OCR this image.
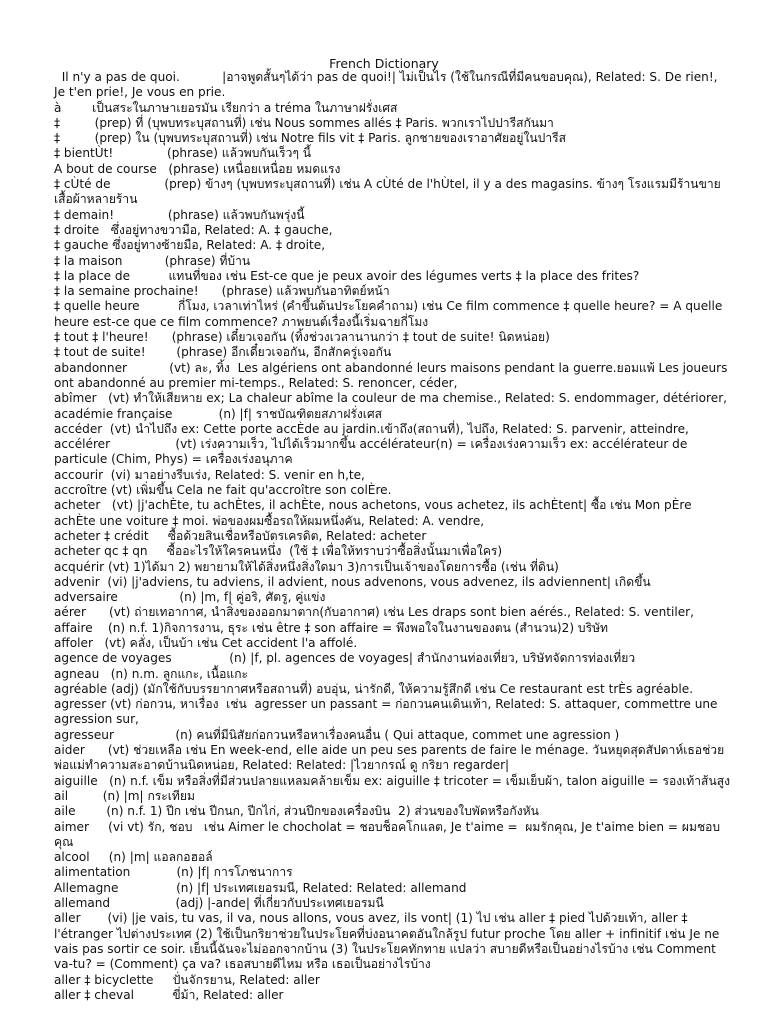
French Dictionary
Il n'y a pas de quoi.           |อาจพูดสั้นๆได้ว่า pas de quoi!| ไม่เป็นไร (ใช้ในกรณีที่มีคนขอบคุณ), Related: S. De rien!, Je t'en prie!, Je vous en prie.
à        เป็นสระในภาษาเยอรมัน เรียกว่า a tréma ในภาษาฝรั่งเศส
‡         (prep) ที่ (บุพบทระบุสถานที่) เช่น Nous sommes allés ‡ Paris. พวกเราไปปารีสกันมา
‡         (prep) ใน (บุพบทระบุสถานที่) เช่น Notre fils vit ‡ Paris. ลูกชายของเราอาศัยอยู่ในปารีส
‡ bientÙt!              (phrase) แล้วพบกันเร็วๆ นี้
A bout de course   (phrase) เหนื่อยเหนื่อย หมดแรง
‡ cÙté de              (prep) ข้างๆ (บุพบทระบุสถานที่) เช่น A cÙté de l'hÙtel, il y a des magasins. ข้างๆ โรงแรมมีร้านขายเสื้อผ้าหลายร้าน
‡ demain!              (phrase) แล้วพบกันพรุ่งนี้
‡ droite   ซึ่งอยู่ทางขวามือ, Related: A. ‡ gauche,
‡ gauche ซึ่งอยู่ทางซ้ายมือ, Related: A. ‡ droite,
‡ la maison           (phrase) ที่บ้าน
‡ la place de          แทนที่ของ เช่น Est-ce que je peux avoir des légumes verts ‡ la place des frites?
‡ la semaine prochaine!      (phrase) แล้วพบกันอาทิตย์หน้า
‡ quelle heure          กี่โมง, เวลาเท่าไหร่ (คำขึ้นต้นประโยคคำถาม) เช่น Ce film commence ‡ quelle heure? = A quelle heure est-ce que ce film commence? ภาพยนต์เรื่องนี้เริ่มฉายกี่โมง
‡ tout ‡ l'heure!      (phrase) เดี๋ยวเจอกัน (ทิ้งช่วงเวลานานกว่า ‡ tout de suite! นิดหน่อย)
‡ tout de suite!        (phrase) อีกเดี๋ยวเจอกัน, อีกสักครู่เจอกัน
abandonner           (vt) ละ, ทิ้ง  Les algériens ont abandonné leurs maisons pendant la guerre.ยอมแพ้ Les joueurs ont abandonné au premier mi-temps., Related: S. renoncer, céder,
abîmer   (vt) ทำให้เสียหาย ex; La chaleur abîme la couleur de ma chemise., Related: S. endommager, détériorer,
académie française            (n) |f| ราชบัณฑิตยสภาฝรั่งเศส
accéder  (vt) นำไปถึง ex: Cette porte accÈde au jardin.เข้าถึง(สถานที่), ไปถึง, Related: S. parvenir, atteindre,
accélérer                 (vt) เร่งความเร็ว, ไปได้เร็วมากขึ้น accélérateur(n) = เครื่องเร่งความเร็ว ex: accélérateur de particule (Chim, Phys) = เครื่องเร่งอนุภาค
accourir  (vi) มาอย่างรีบเร่ง, Related: S. venir en h‚te,
accroître (vt) เพิ่มขึ้น Cela ne fait qu'accroître son colÈre.
acheter   (vt) |j'achÈte, tu achÈtes, il achÈte, nous achetons, vous achetez, ils achÈtent| ซื้อ เช่น Mon pÈre achÈte une voiture ‡ moi. พ่อของผมซื้อรถให้ผมหนึ่งคัน, Related: A. vendre,
acheter ‡ crédit     ซื้อด้วยสินเชื่อหรือบัตรเครดิต, Related: acheter
acheter qc ‡ qn     ซื้ออะไรให้ใครคนหนึ่ง  (ใช้ ‡ เพื่อให้ทราบว่าซื้อสิ่งนั้นมาเพื่อใคร)
acquérir (vt) 1)ได้มา 2) พยายามให้ได้สิ่งหนึ่งสิ่งใดมา 3)การเป็นเจ้าของโดยการซื้อ (เช่น ที่ดิน)
advenir  (vi) |j'adviens, tu adviens, il advient, nous advenons, vous advenez, ils adviennent| เกิดขึ้น
adversaire                (n) |m, f| คู่อริ, ศัตรู, คู่แข่ง
aérer      (vt) ถ่ายเทอากาศ, นำสิ่งของออกมาตาก(กับอากาศ) เช่น Les draps sont bien aérés., Related: S. ventiler,
affaire    (n) n.f. 1)กิจการงาน, ธุระ เช่น être ‡ son affaire = พึงพอใจในงานของตน (สำนวน)2) บริษัท
affoler   (vt) คลั่ง, เป็นบ้า เช่น Cet accident l'a affolé.
agence de voyages               (n) |f, pl. agences de voyages| สำนักงานท่องเที่ยว, บริษัทจัดการท่องเที่ยว
agneau   (n) n.m. ลูกแกะ, เนื้อแกะ
agréable (adj) (มักใช้กับบรรยากาศหรือสถานที่) อบอุ่น, น่ารักดี, ให้ความรู้สึกดี เช่น Ce restaurant est trÈs agréable.
agresser (vt) ก่อกวน, หาเรื่อง  เช่น  agresser un passant = ก่อกวนคนเดินเท้า, Related: S. attaquer, commettre une agression sur,
agresseur                (n) คนที่มีนิสัยก่อกวนหรือหาเรื่องคนอื่น ( Qui attaque, commet une agression )
aider      (vt) ช่วยเหลือ เช่น En week-end, elle aide un peu ses parents de faire le ménage. วันหยุดสุดสัปดาห์เธอช่วยพ่อแม่ทำความสะอาดบ้านนิดหน่อย, Related: Related: |ไวยากรณ์ ดู กริยา regarder|
aiguille   (n) n.f. เข็ม หรือสิ่งที่มีส่วนปลายแหลมคล้ายเข็ม ex: aiguille ‡ tricoter = เข็มเย็บผ้า, talon aiguille = รองเท้าส้นสูง
ail         (n) |m| กระเทียม
aile        (n) n.f. 1) ปีก เช่น ปีกนก, ปีกไก่, ส่วนปีกของเครื่องบิน  2) ส่วนของใบพัดหรือกังหัน
aimer     (vi vt) รัก, ชอบ   เช่น Aimer le chocholat = ชอบช็อคโกแลต, Je t'aime =  ผมรักคุณ, Je t'aime bien = ผมชอบคุณ
alcool     (n) |m| แอลกอฮอล์
alimentation            (n) |f| การโภชนาการ
Allemagne               (n) |f| ประเทศเยอรมนี, Related: Related: allemand
allemand                 (adj) |-ande| ที่เกี่ยวกับประเทศเยอรมนี
aller       (vi) |je vais, tu vas, il va, nous allons, vous avez, ils vont| (1) ไป เช่น aller ‡ pied ไปด้วยเท้า, aller ‡ l'étranger ไปต่างประเทศ (2) ใช้เป็นกริยาช่วยในประโยคที่บ่งอนาคตอันใกล้รูป futur proche โดย aller + infinitif เช่น Je ne vais pas sortir ce soir. เย็นนี้ฉันจะไม่ออกจากบ้าน (3) ในประโยคทักทาย แปลว่า สบายดีหรือเป็นอย่างไรบ้าง เช่น Comment va-tu? = (Comment) ça va? เธอสบายดีไหม หรือ เธอเป็นอย่างไรบ้าง
aller ‡ bicyclette     ปั่นจักรยาน, Related: aller
aller ‡ cheval          ขี่ม้า, Related: aller
